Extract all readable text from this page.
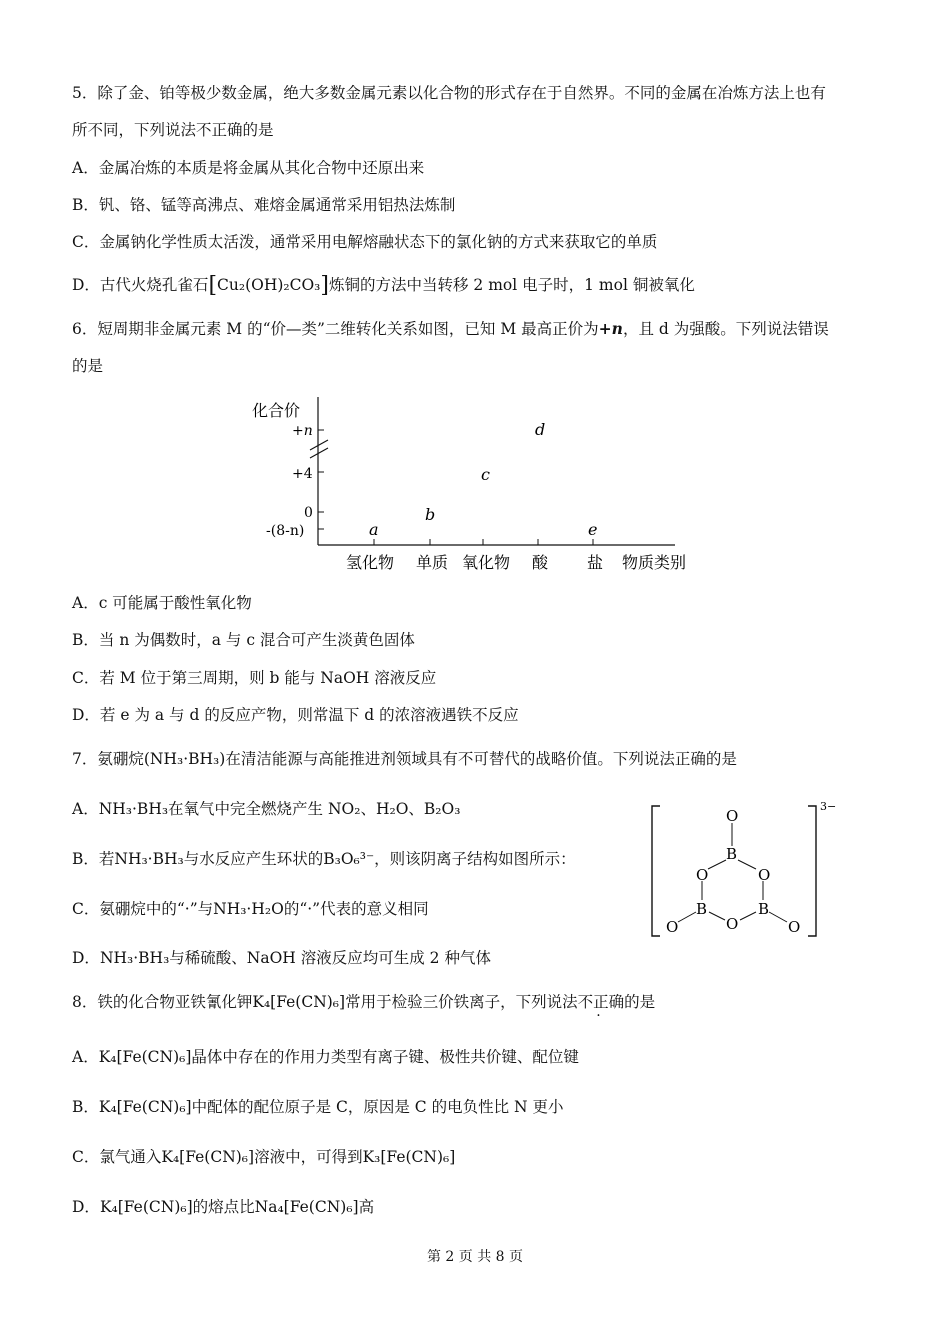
5．除了金、铂等极少数金属，绝大多数金属元素以化合物的形式存在于自然界。不同的金属在冶炼方法上也有
所不同，下列说法不正确的是
A．金属冶炼的本质是将金属从其化合物中还原出来
B．钒、铬、锰等高沸点、难熔金属通常采用铝热法炼制
C．金属钠化学性质太活泼，通常采用电解熔融状态下的氯化钠的方式来获取它的单质
D．古代火烧孔雀石[Cu₂(OH)₂CO₃]炼铜的方法中当转移 2 mol 电子时，1 mol 铜被氧化
6．短周期非金属元素 M 的“价—类”二维转化关系如图，已知 M 最高正价为+n，且 d 为强酸。下列说法错误
的是
化合价
+n
+4
0
-(8-n)
氢化物 单质 氧化物 酸 盐 物质类别
a
b
c
d
e
A．c 可能属于酸性氧化物
B．当 n 为偶数时，a 与 c 混合可产生淡黄色固体
C．若 M 位于第三周期，则 b 能与 NaOH 溶液反应
D．若 e 为 a 与 d 的反应产物，则常温下 d 的浓溶液遇铁不反应
7．氨硼烷(NH₃·BH₃)在清洁能源与高能推进剂领域具有不可替代的战略价值。下列说法正确的是
A．NH₃·BH₃在氧气中完全燃烧产生 NO₂、H₂O、B₂O₃
B．若NH₃·BH₃与水反应产生环状的B₃O₆³⁻，则该阴离子结构如图所示：
C．氨硼烷中的“·”与NH₃·H₂O的“·”代表的意义相同
D．NH₃·BH₃与稀硫酸、NaOH 溶液反应均可生成 2 种气体
3−
O
B
O	O
B	B
O
O	O
8．铁的化合物亚铁氰化钾K₄[Fe(CN)₆]常用于检验三价铁离子，下列说法不正确的是
A．K₄[Fe(CN)₆]晶体中存在的作用力类型有离子键、极性共价键、配位键
B．K₄[Fe(CN)₆]中配体的配位原子是 C，原因是 C 的电负性比 N 更小
C．氯气通入K₄[Fe(CN)₆]溶液中，可得到K₃[Fe(CN)₆]
D．K₄[Fe(CN)₆]的熔点比Na₄[Fe(CN)₆]高
第 2 页 共 8 页
